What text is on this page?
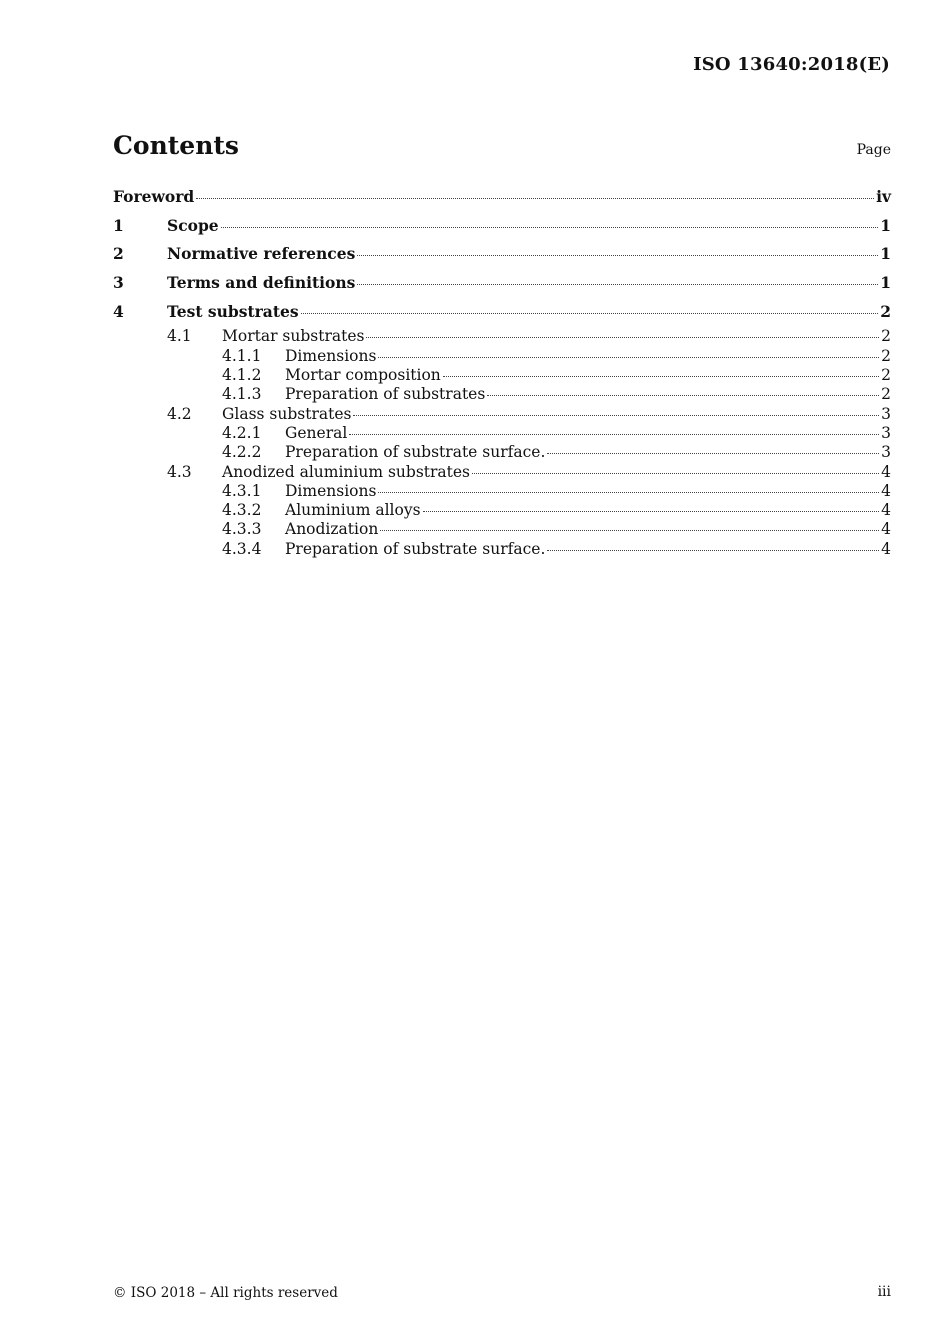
ISO 13640:2018(E)
Contents	Page
Foreword	iv
1	Scope	1
2	Normative references	1
3	Terms and definitions	1
4	Test substrates	2
4.1	Mortar substrates	2
4.1.1	Dimensions	2
4.1.2	Mortar composition	2
4.1.3	Preparation of substrates	2
4.2	Glass substrates	3
4.2.1	General	3
4.2.2	Preparation of substrate surface.	3
4.3	Anodized aluminium substrates	4
4.3.1	Dimensions	4
4.3.2	Aluminium alloys	4
4.3.3	Anodization	4
4.3.4	Preparation of substrate surface.	4
© ISO 2018 – All rights reserved	iii
